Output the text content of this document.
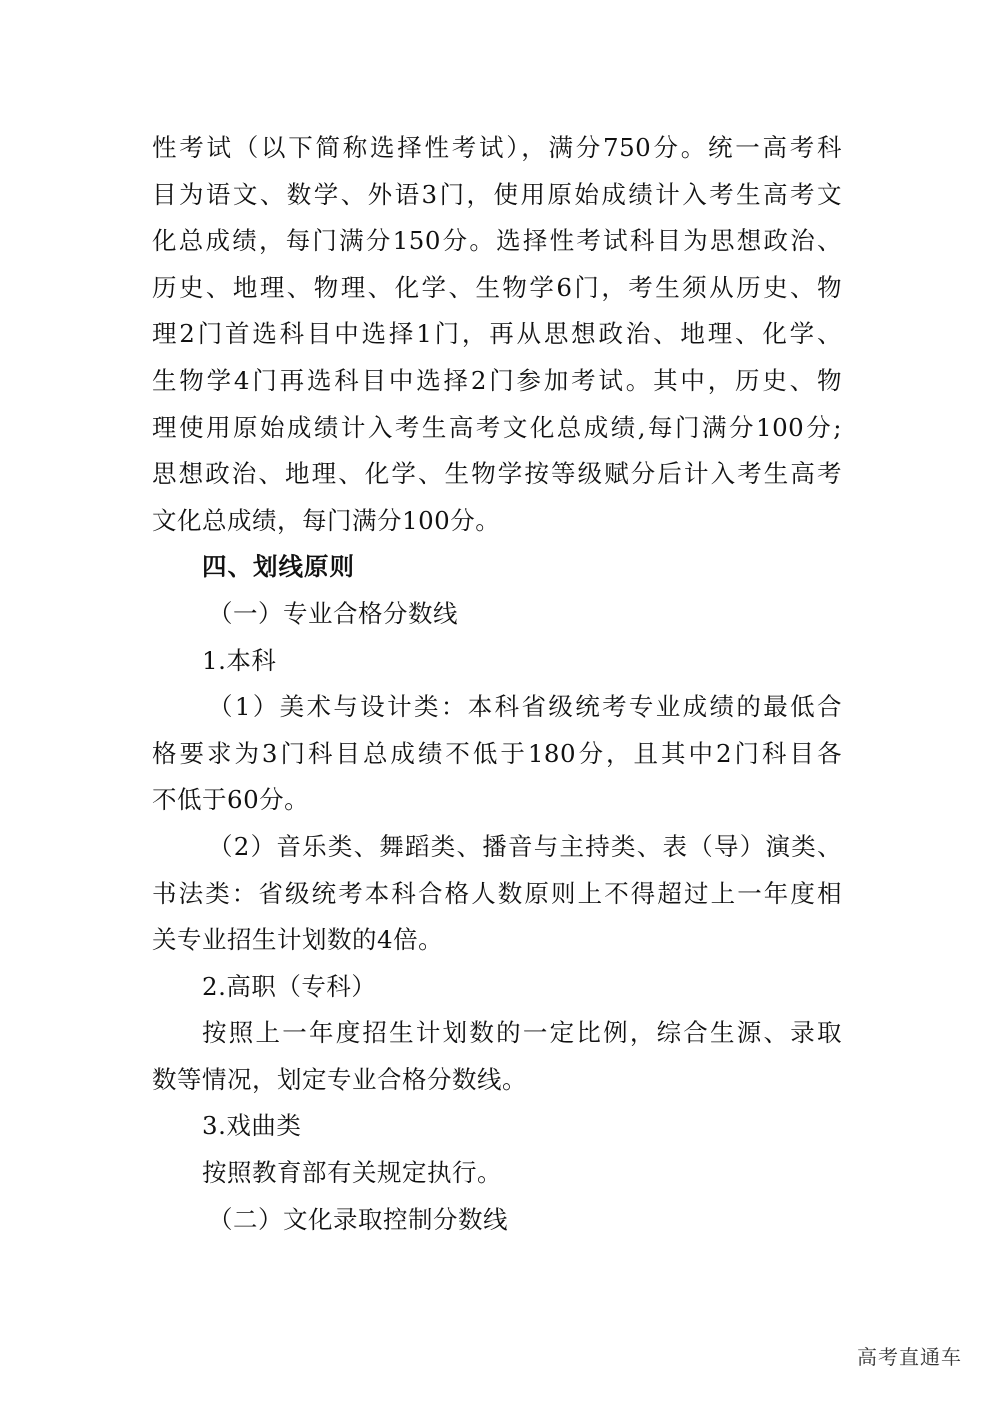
性考试（以下简称选择性考试），满分750分。统一高考科
目为语文、数学、外语3门，使用原始成绩计入考生高考文
化总成绩，每门满分150分。选择性考试科目为思想政治、
历史、地理、物理、化学、生物学6门，考生须从历史、物
理2门首选科目中选择1门，再从思想政治、地理、化学、
生物学4门再选科目中选择2门参加考试。其中，历史、物
理使用原始成绩计入考生高考文化总成绩,每门满分100分;
思想政治、地理、化学、生物学按等级赋分后计入考生高考
文化总成绩，每门满分100分。
四、划线原则
（一）专业合格分数线
1.本科
（1）美术与设计类：本科省级统考专业成绩的最低合
格要求为3门科目总成绩不低于180分，且其中2门科目各
不低于60分。
（2）音乐类、舞蹈类、播音与主持类、表（导）演类、
书法类：省级统考本科合格人数原则上不得超过上一年度相
关专业招生计划数的4倍。
2.高职（专科）
按照上一年度招生计划数的一定比例，综合生源、录取
数等情况，划定专业合格分数线。
3.戏曲类
按照教育部有关规定执行。
（二）文化录取控制分数线
高考直通车
